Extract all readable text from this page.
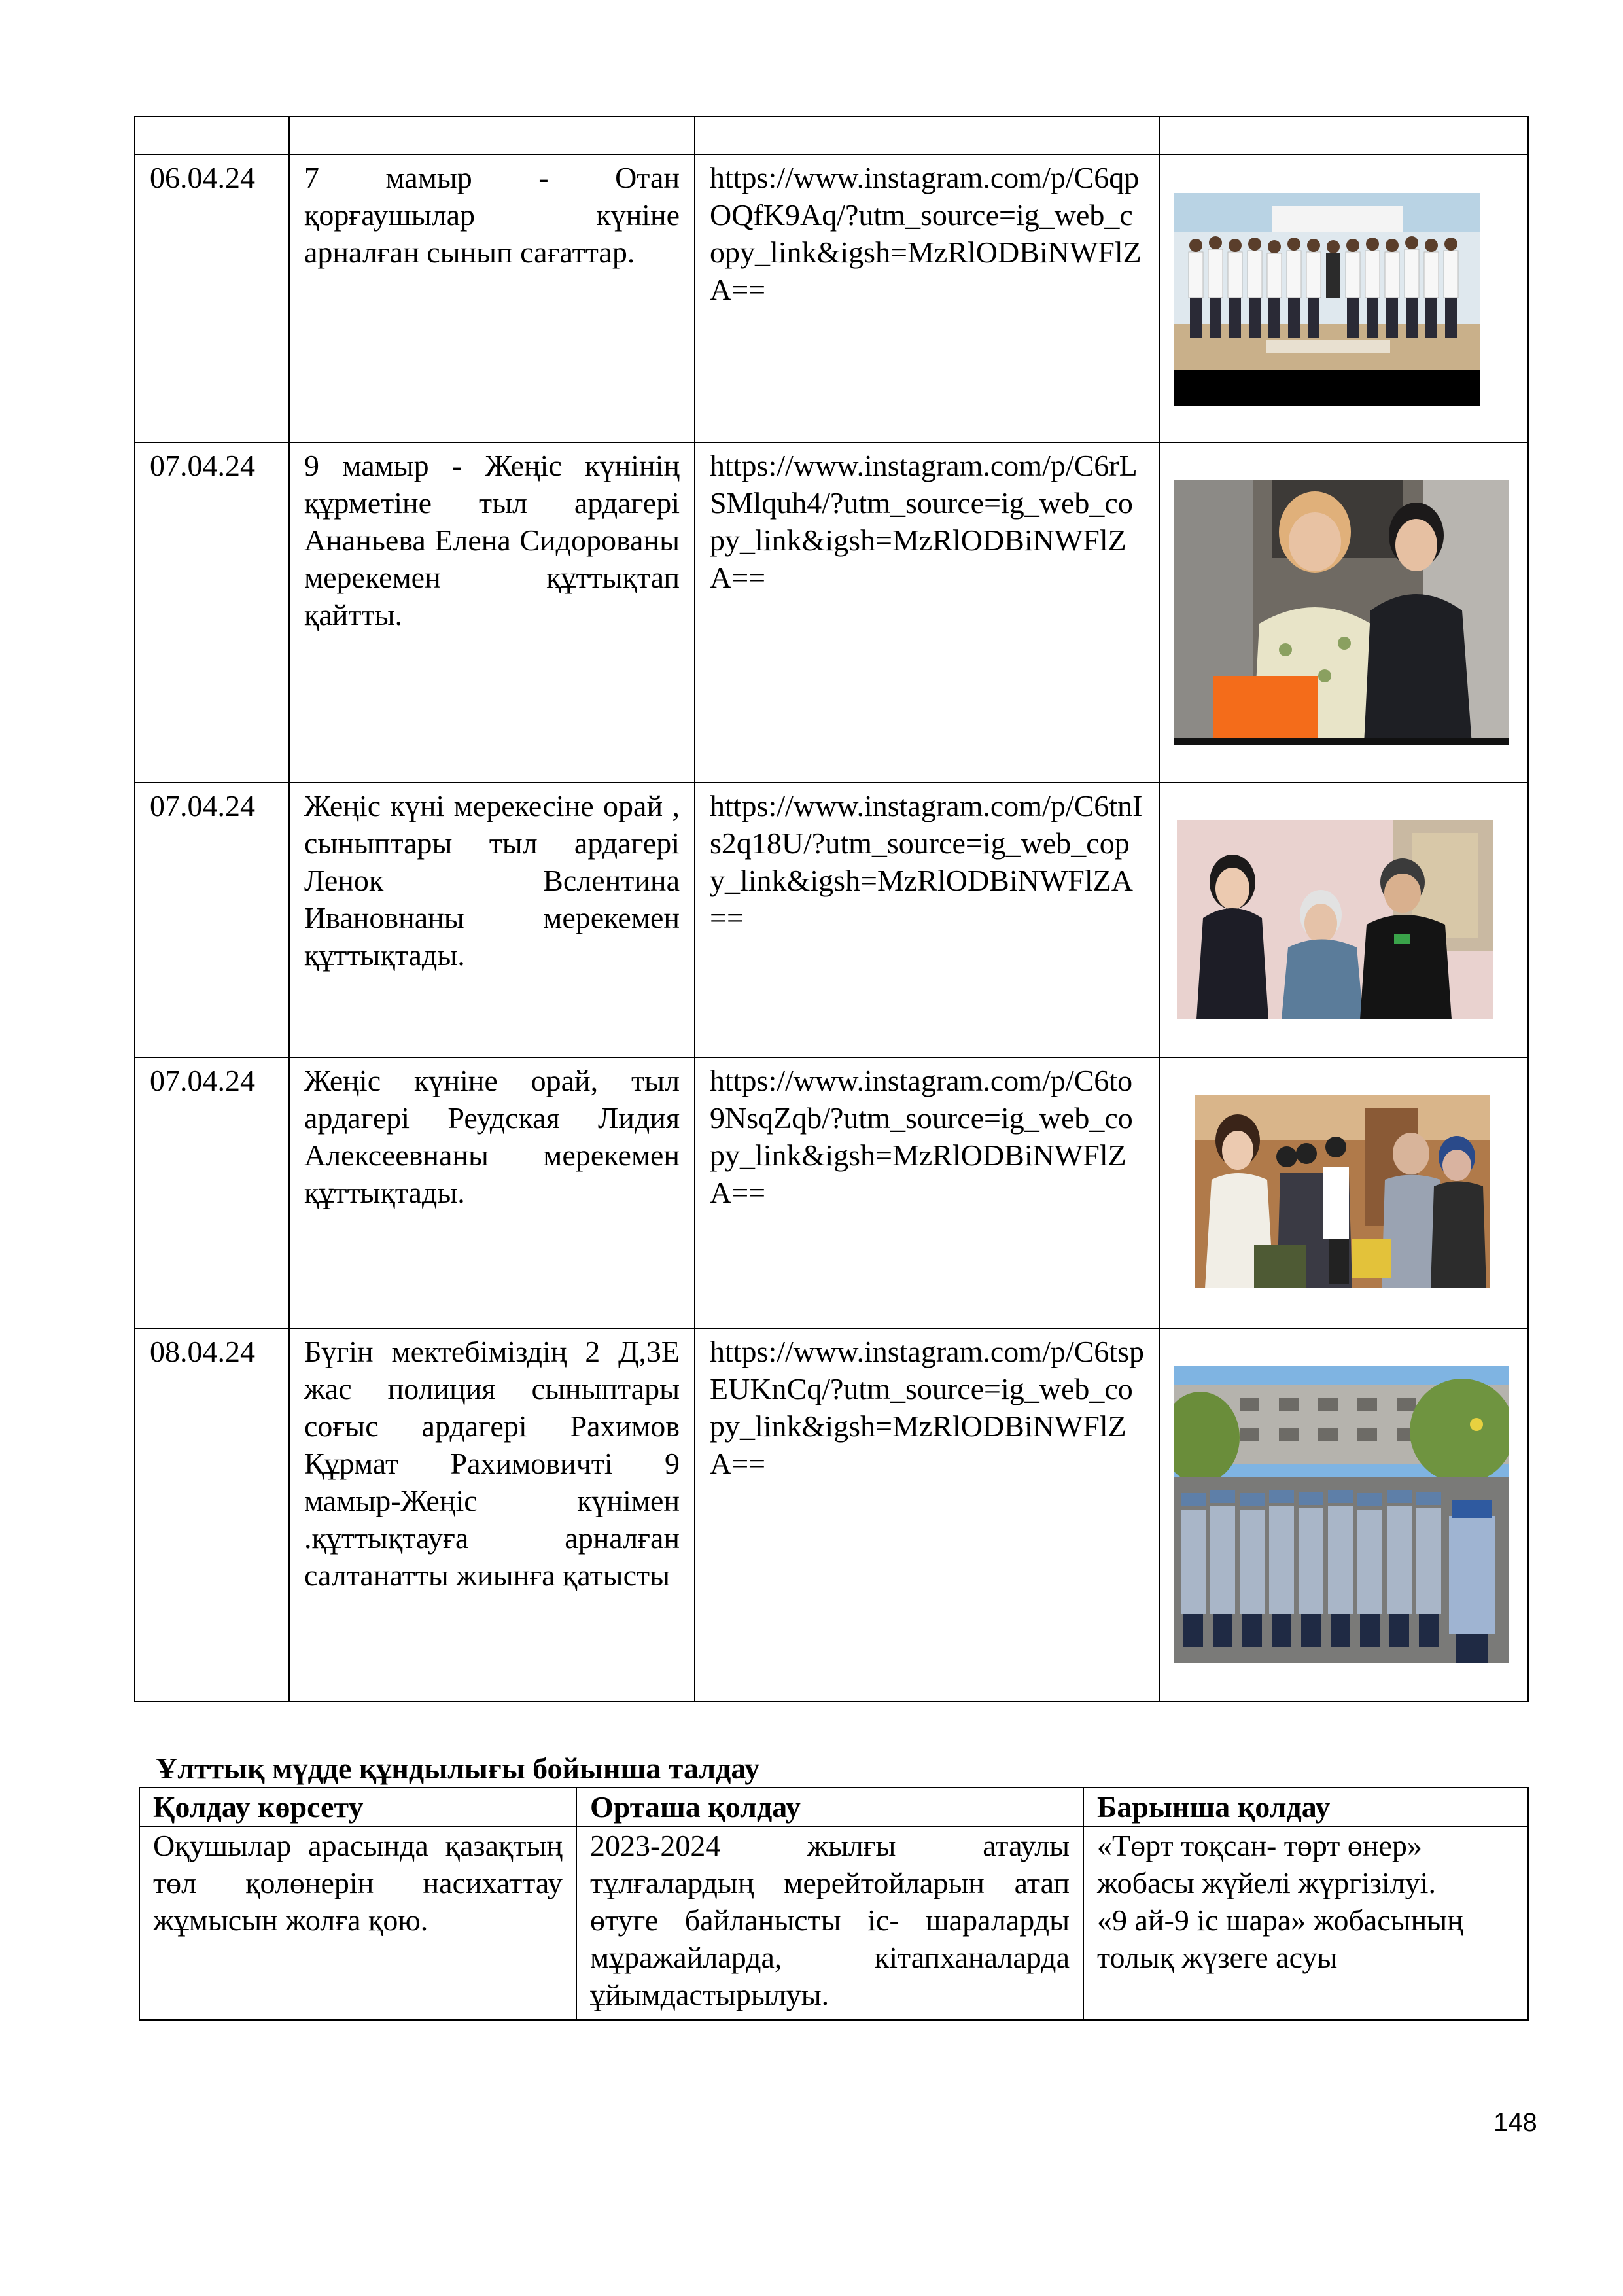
06.04.24	7 мамыр - Отан қорғаушылар күніне арналған сынып сағаттар.	https://www.instagram.com/p/C6qpOQfK9Aq/?utm_source=ig_web_copy_link&igsh=MzRlODBiNWFlZA==	

07.04.24	9 мамыр - Жеңіс күнінің құрметіне тыл ардагері Ананьева Елена Сидорованы мерекемен құттықтап қайтты.	https://www.instagram.com/p/C6rLSMlquh4/?utm_source=ig_web_copy_link&igsh=MzRlODBiNWFlZA==	

07.04.24	Жеңіс күні мерекесіне орай , сыныптары тыл ардагері Ленок Вслентина Ивановнаны мерекемен құттықтады.	https://www.instagram.com/p/C6tnIs2q18U/?utm_source=ig_web_copy_link&igsh=MzRlODBiNWFlZA==	

07.04.24	Жеңіс күніне орай, тыл ардагері Реудская Лидия Алексеевнаны мерекемен құттықтады.	https://www.instagram.com/p/C6to9NsqZqb/?utm_source=ig_web_copy_link&igsh=MzRlODBiNWFlZA==	

08.04.24	Бүгін мектебіміздің 2 Д,3Е жас полиция сыныптары соғыс ардагері Рахимов Құрмат Рахимовичті 9 мамыр-Жеңіс күнімен .құттықтауға арналған салтанатты жиынға қатысты	https://www.instagram.com/p/C6tspEUKnCq/?utm_source=ig_web_copy_link&igsh=MzRlODBiNWFlZA==	
Ұлттық мүдде құндылығы бойынша талдау
Қолдау көрсету	Орташа қолдау	Барынша қолдау
Оқушылар арасында қазақтың төл қолөнерін насихаттау жұмысын жолға қою.	2023-2024 жылғы атаулы тұлғалардың мерейтойларын атап өтуге байланысты іс- шараларды мұражайларда, кітапханаларда ұйымдастырылуы.	«Төрт тоқсан- төрт өнер» жобасы жүйелі жүргізілуі.
«9 ай-9 іс шара» жобасының толық жүзеге асуы
148
